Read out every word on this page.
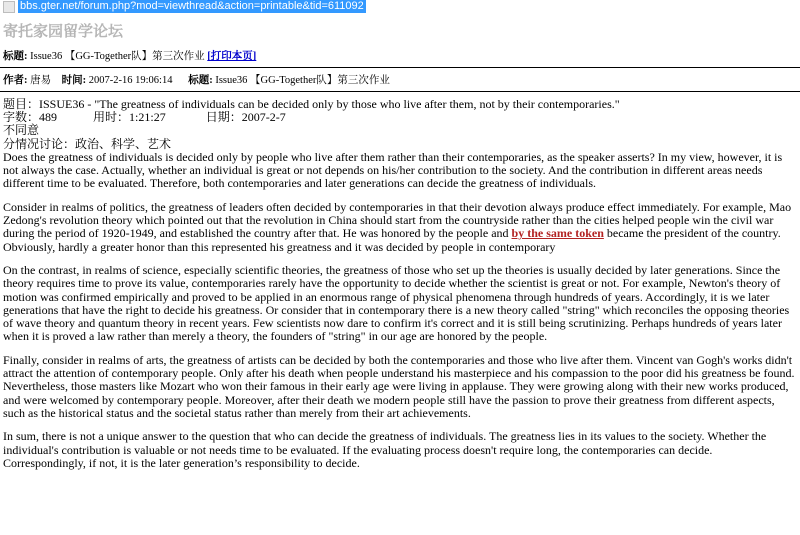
bbs.gter.net/forum.php?mod=viewthread&action=printable&tid=611092
寄托家园留学论坛
标题: Issue36 【GG-Together队】第三次作业 [打印本页]
作者: 唐易 时间: 2007-2-16 19:06:14 标题: Issue36 【GG-Together队】第三次作业
题目：ISSUE36 - "The greatness of individuals can be decided only by those who live after them, not by their contemporaries."
字数：489	用时：1:21:27	日期：2007-2-7
不同意
分情况讨论：政治、科学、艺术

Does the greatness of individuals is decided only by people who live after them rather than their contemporaries, as the speaker asserts? In my view, however, it is not always the case. Actually, whether an individual is great or not depends on his/her contribution to the society. And the contribution in different areas needs different time to be evaluated. Therefore, both contemporaries and later generations can decide the greatness of individuals.

Consider in realms of politics, the greatness of leaders often decided by contemporaries in that their devotion always produce effect immediately. For example, Mao Zedong's revolution theory which pointed out that the revolution in China should start from the countryside rather than the cities helped people win the civil war during the period of 1920-1949, and established the country after that. He was honored by the people and by the same token became the president of the country. Obviously, hardly a greater honor than this represented his greatness and it was decided by people in contemporary

On the contrast, in realms of science, especially scientific theories, the greatness of those who set up the theories is usually decided by later generations. Since the theory requires time to prove its value, contemporaries rarely have the opportunity to decide whether the scientist is great or not. For example, Newton's theory of motion was confirmed empirically and proved to be applied in an enormous range of physical phenomena through hundreds of years. Accordingly, it is we later generations that have the right to decide his greatness. Or consider that in contemporary there is a new theory called "string" which reconciles the opposing theories of wave theory and quantum theory in recent years. Few scientists now dare to confirm it's correct and it is still being scrutinizing. Perhaps hundreds of years later when it is proved a law rather than merely a theory, the founders of "string" in our age are honored by the people.

Finally, consider in realms of arts, the greatness of artists can be decided by both the contemporaries and those who live after them. Vincent van Gogh's works didn't attract the attention of contemporary people. Only after his death when people understand his masterpiece and his compassion to the poor did his greatness be found. Nevertheless, those masters like Mozart who won their famous in their early age were living in applause. They were growing along with their new works produced, and were welcomed by contemporary people. Moreover, after their death we modern people still have the passion to prove their greatness from different aspects, such as the historical status and the societal status rather than merely from their art achievements.

In sum, there is not a unique answer to the question that who can decide the greatness of individuals. The greatness lies in its values to the society. Whether the individual's contribution is valuable or not needs time to be evaluated. If the evaluating process doesn't require long, the contemporaries can decide. Correspondingly, if not, it is the later generation’s responsibility to decide.
